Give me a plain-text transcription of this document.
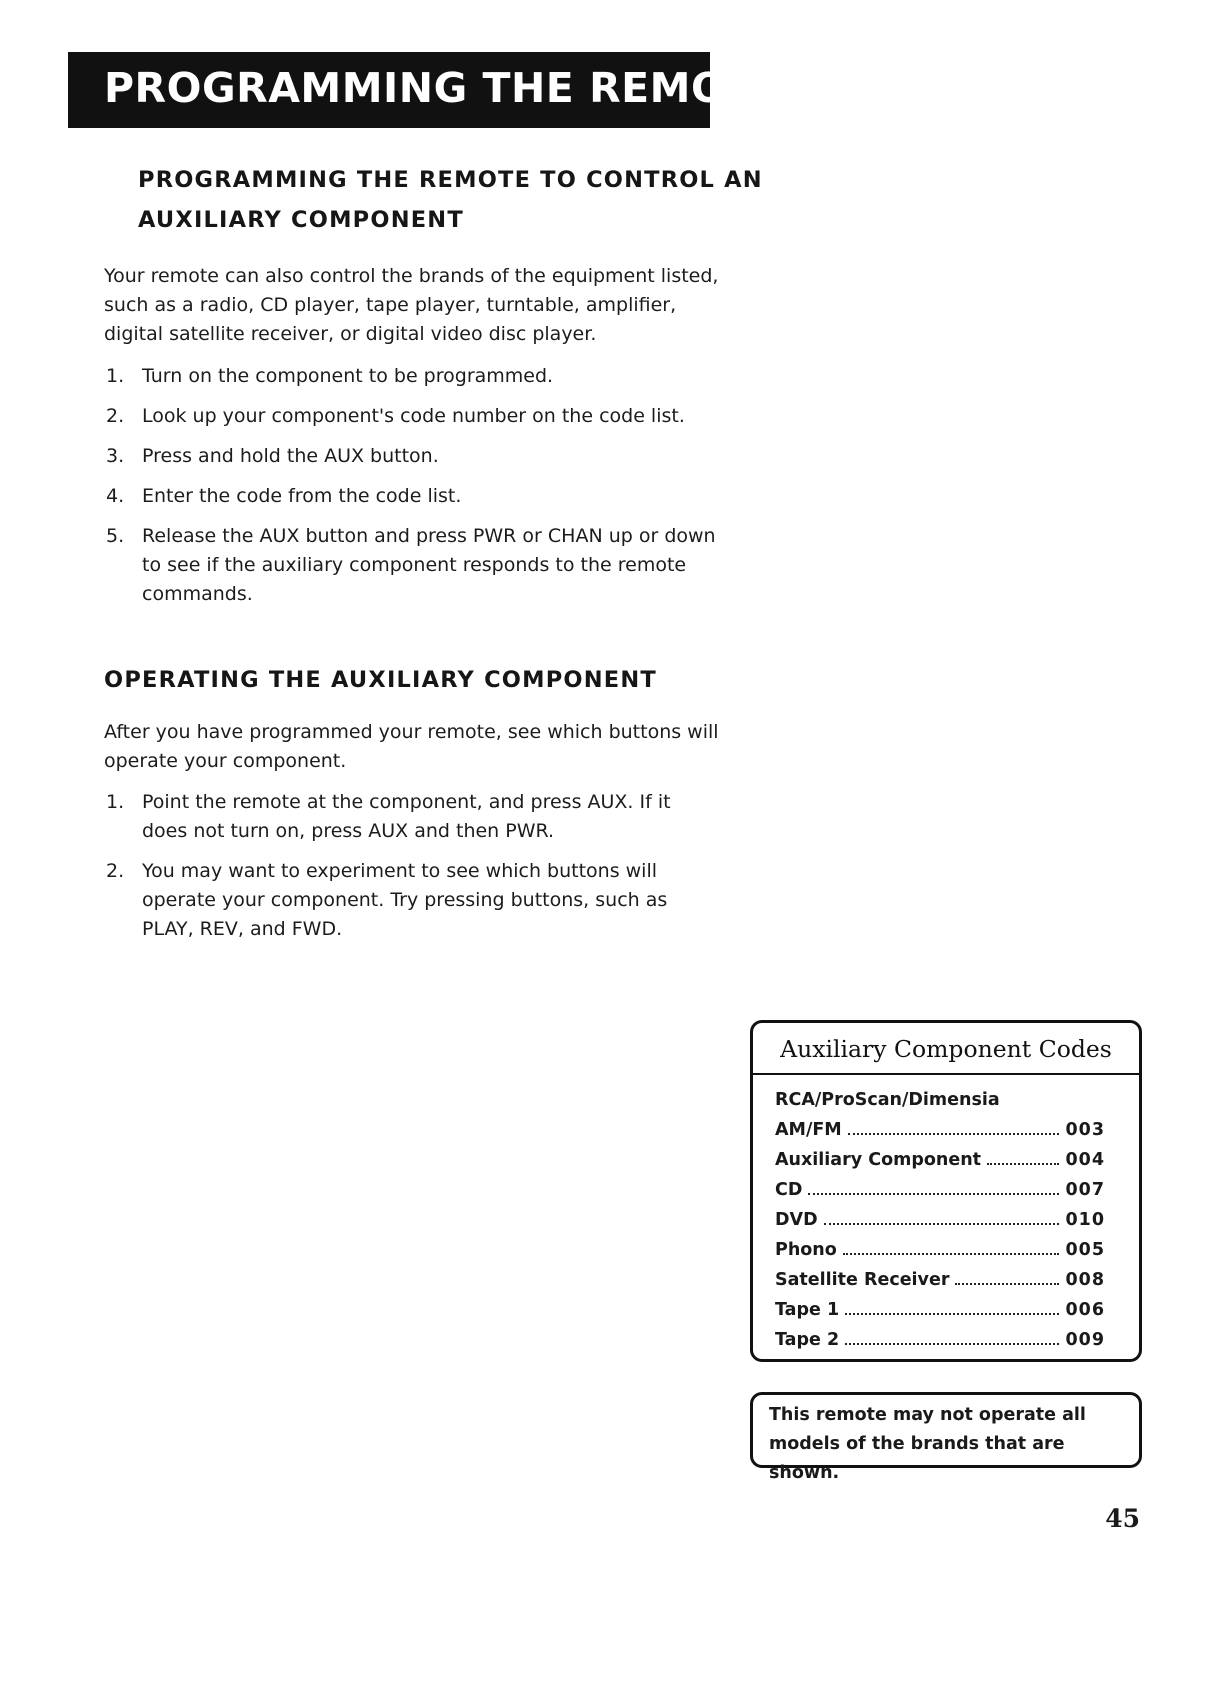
PROGRAMMING THE REMOTE
PROGRAMMING THE REMOTE TO CONTROL AN
AUXILIARY COMPONENT

Your remote can also control the brands of the equipment listed, such as a radio, CD player, tape player, turntable, amplifier, digital satellite receiver, or digital video disc player.

1. Turn on the component to be programmed.
2. Look up your component's code number on the code list.
3. Press and hold the AUX button.
4. Enter the code from the code list.
5. Release the AUX button and press PWR or CHAN up or down to see if the auxiliary component responds to the remote commands.
OPERATING THE AUXILIARY COMPONENT

After you have programmed your remote, see which buttons will operate your component.

1. Point the remote at the component, and press AUX. If it does not turn on, press AUX and then PWR.
2. You may want to experiment to see which buttons will operate your component. Try pressing buttons, such as PLAY, REV, and FWD.
Auxiliary Component Codes
RCA/ProScan/Dimensia
AM/FM	003
Auxiliary Component	004
CD	007
DVD	010
Phono	005
Satellite Receiver	008
Tape 1	006
Tape 2	009
This remote may not operate all models of the brands that are shown.
45
